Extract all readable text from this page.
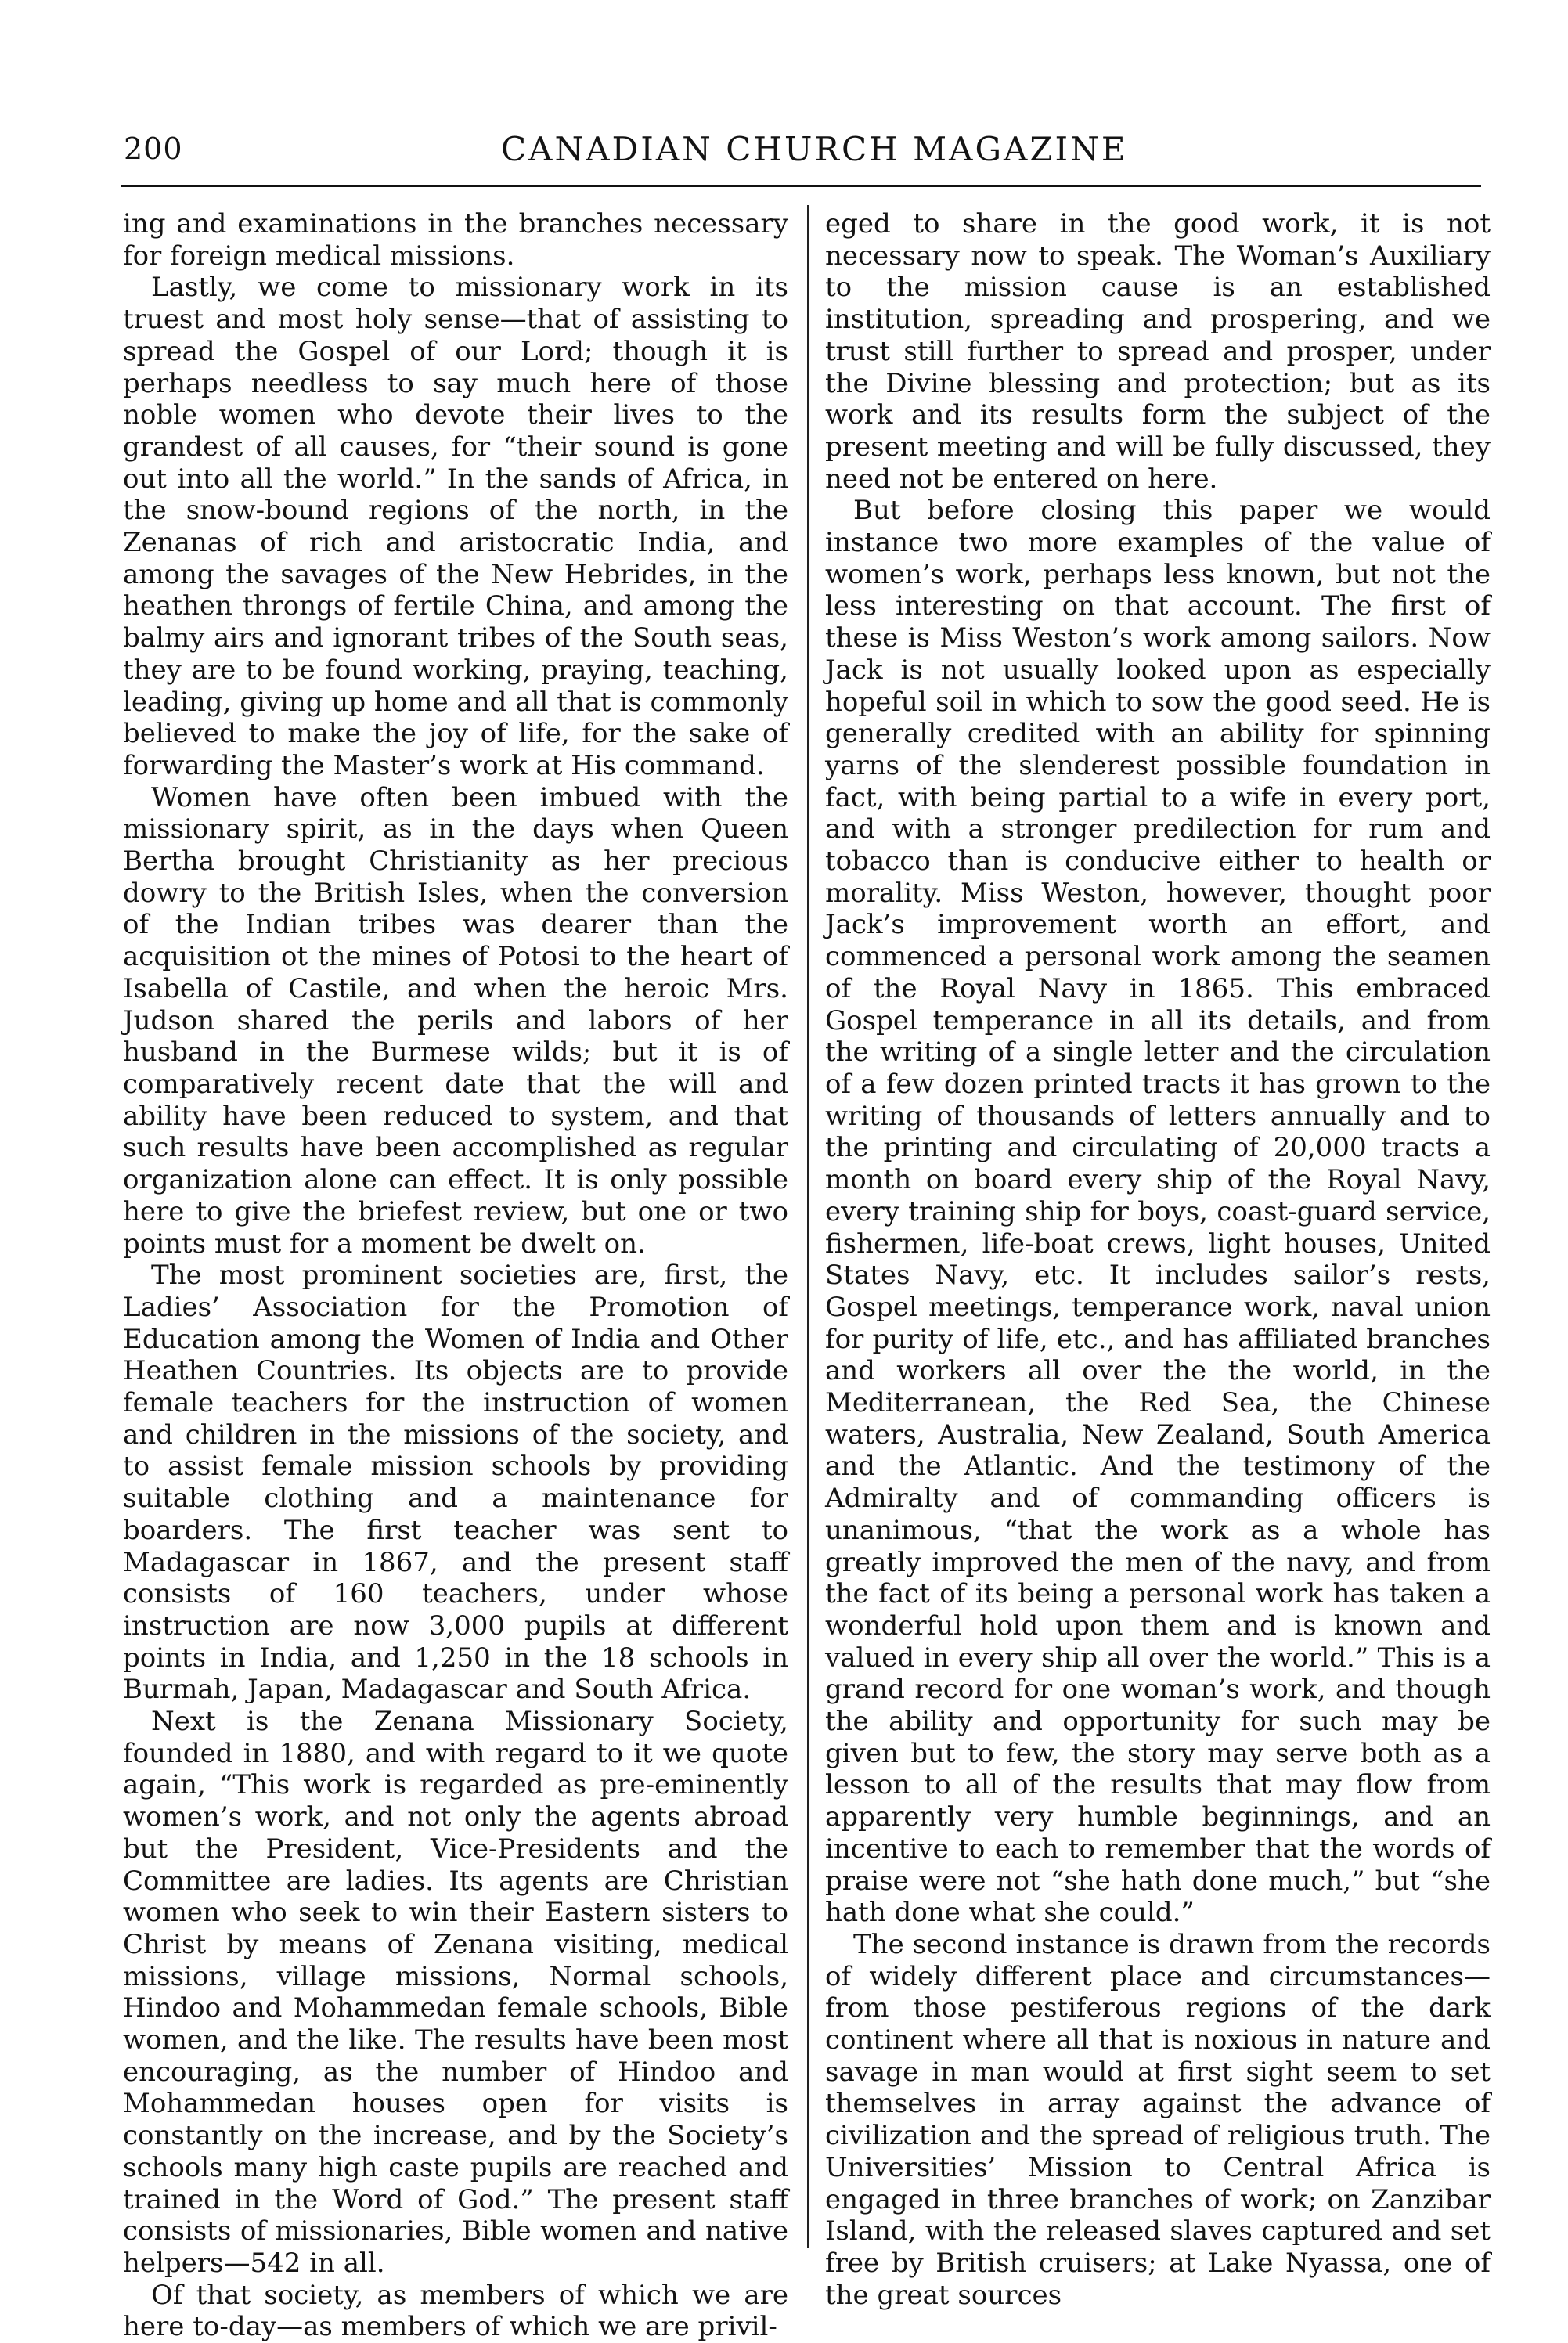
200	CANADIAN CHURCH MAGAZINE

ing and examinations in the branches necessary for foreign medical missions.

Lastly, we come to missionary work in its truest and most holy sense—that of assisting to spread the Gospel of our Lord; though it is perhaps needless to say much here of those noble women who devote their lives to the grandest of all causes, for “their sound is gone out into all the world.” In the sands of Africa, in the snow-bound regions of the north, in the Zenanas of rich and aristocratic India, and among the savages of the New Hebrides, in the heathen throngs of fertile China, and among the balmy airs and ignorant tribes of the South seas, they are to be found working, praying, teaching, leading, giving up home and all that is commonly believed to make the joy of life, for the sake of forwarding the Master’s work at His command.

Women have often been imbued with the missionary spirit, as in the days when Queen Bertha brought Christianity as her precious dowry to the British Isles, when the conversion of the Indian tribes was dearer than the acquisition ot the mines of Potosi to the heart of Isabella of Castile, and when the heroic Mrs. Judson shared the perils and labors of her husband in the Burmese wilds; but it is of comparatively recent date that the will and ability have been reduced to system, and that such results have been accomplished as regular organization alone can effect. It is only possible here to give the briefest review, but one or two points must for a moment be dwelt on.

The most prominent societies are, first, the Ladies’ Association for the Promotion of Education among the Women of India and Other Heathen Countries. Its objects are to provide female teachers for the instruction of women and children in the missions of the society, and to assist female mission schools by providing suitable clothing and a maintenance for boarders. The first teacher was sent to Madagascar in 1867, and the present staff consists of 160 teachers, under whose instruction are now 3,000 pupils at different points in India, and 1,250 in the 18 schools in Burmah, Japan, Madagascar and South Africa.

Next is the Zenana Missionary Society, founded in 1880, and with regard to it we quote again, “This work is regarded as pre-eminently women’s work, and not only the agents abroad but the President, Vice-Presidents and the Committee are ladies. Its agents are Christian women who seek to win their Eastern sisters to Christ by means of Zenana visiting, medical missions, village missions, Normal schools, Hindoo and Mohammedan female schools, Bible women, and the like. The results have been most encouraging, as the number of Hindoo and Mohammedan houses open for visits is constantly on the increase, and by the Society’s schools many high caste pupils are reached and trained in the Word of God.” The present staff consists of missionaries, Bible women and native helpers—542 in all.

Of that society, as members of which we are here to-day—as members of which we are privil-

eged to share in the good work, it is not necessary now to speak. The Woman’s Auxiliary to the mission cause is an established institution, spreading and prospering, and we trust still further to spread and prosper, under the Divine blessing and protection; but as its work and its results form the subject of the present meeting and will be fully discussed, they need not be entered on here.

But before closing this paper we would instance two more examples of the value of women’s work, perhaps less known, but not the less interesting on that account. The first of these is Miss Weston’s work among sailors. Now Jack is not usually looked upon as especially hopeful soil in which to sow the good seed. He is generally credited with an ability for spinning yarns of the slenderest possible foundation in fact, with being partial to a wife in every port, and with a stronger predilection for rum and tobacco than is conducive either to health or morality. Miss Weston, however, thought poor Jack’s improvement worth an effort, and commenced a personal work among the seamen of the Royal Navy in 1865. This embraced Gospel temperance in all its details, and from the writing of a single letter and the circulation of a few dozen printed tracts it has grown to the writing of thousands of letters annually and to the printing and circulating of 20,000 tracts a month on board every ship of the Royal Navy, every training ship for boys, coast-guard service, fishermen, life-boat crews, light houses, United States Navy, etc. It includes sailor’s rests, Gospel meetings, temperance work, naval union for purity of life, etc., and has affiliated branches and workers all over the the world, in the Mediterranean, the Red Sea, the Chinese waters, Australia, New Zealand, South America and the Atlantic. And the testimony of the Admiralty and of commanding officers is unanimous, “that the work as a whole has greatly improved the men of the navy, and from the fact of its being a personal work has taken a wonderful hold upon them and is known and valued in every ship all over the world.” This is a grand record for one woman’s work, and though the ability and opportunity for such may be given but to few, the story may serve both as a lesson to all of the results that may flow from apparently very humble beginnings, and an incentive to each to remember that the words of praise were not “she hath done much,” but “she hath done what she could.”

The second instance is drawn from the records of widely different place and circumstances—from those pestiferous regions of the dark continent where all that is noxious in nature and savage in man would at first sight seem to set themselves in array against the advance of civilization and the spread of religious truth. The Universities’ Mission to Central Africa is engaged in three branches of work; on Zanzibar Island, with the released slaves captured and set free by British cruisers; at Lake Nyassa, one of the great sources
